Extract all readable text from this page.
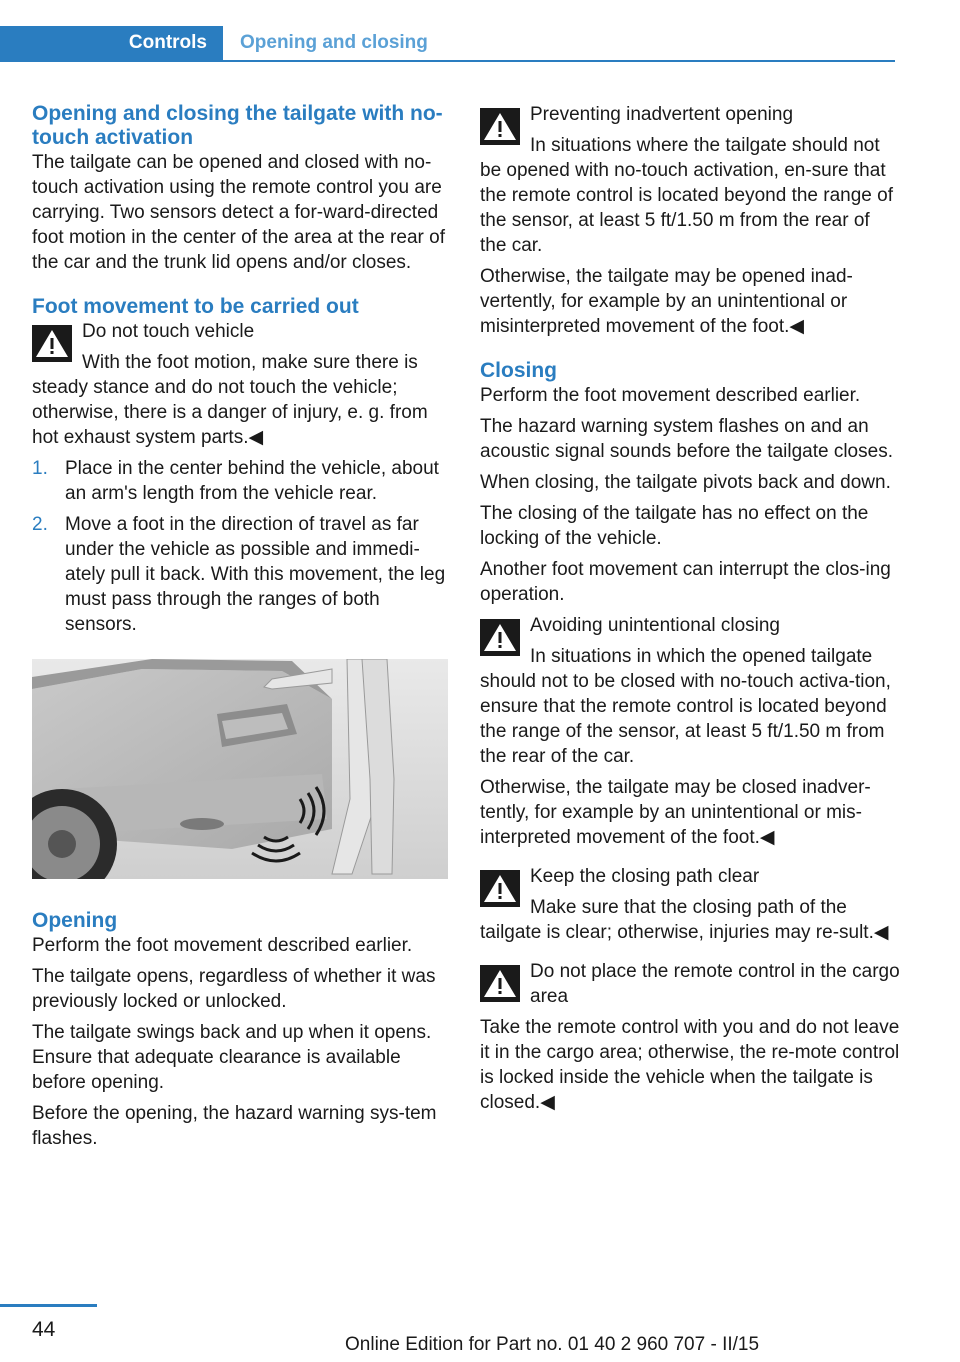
Controls	Opening and closing
Opening and closing the tailgate with no-touch activation

The tailgate can be opened and closed with no-touch activation using the remote control you are carrying. Two sensors detect a for‐ward-directed foot motion in the center of the area at the rear of the car and the trunk lid opens and/or closes.

Foot movement to be carried out

Do not touch vehicle

With the foot motion, make sure there is steady stance and do not touch the vehicle; otherwise, there is a danger of injury, e. g. from hot exhaust system parts.◀

1. Place in the center behind the vehicle, about an arm's length from the vehicle rear.
2. Move a foot in the direction of travel as far under the vehicle as possible and immedi‐ately pull it back. With this movement, the leg must pass through the ranges of both sensors.
Opening

Perform the foot movement described earlier.

The tailgate opens, regardless of whether it was previously locked or unlocked.

The tailgate swings back and up when it opens. Ensure that adequate clearance is available before opening.

Before the opening, the hazard warning sys‐tem flashes.

Preventing inadvertent opening

In situations where the tailgate should not be opened with no-touch activation, en‐sure that the remote control is located beyond the range of the sensor, at least 5 ft/1.50 m from the rear of the car.

Otherwise, the tailgate may be opened inad‐vertently, for example by an unintentional or misinterpreted movement of the foot.◀

Closing

Perform the foot movement described earlier.

The hazard warning system flashes on and an acoustic signal sounds before the tailgate closes.

When closing, the tailgate pivots back and down.

The closing of the tailgate has no effect on the locking of the vehicle.

Another foot movement can interrupt the clos‐ing operation.

Avoiding unintentional closing

In situations in which the opened tailgate should not to be closed with no-touch activa‐tion, ensure that the remote control is located beyond the range of the sensor, at least 5 ft/1.50 m from the rear of the car.

Otherwise, the tailgate may be closed inadver‐tently, for example by an unintentional or mis‐interpreted movement of the foot.◀

Keep the closing path clear

Make sure that the closing path of the tailgate is clear; otherwise, injuries may re‐sult.◀

Do not place the remote control in the cargo area

Take the remote control with you and do not leave it in the cargo area; otherwise, the re‐mote control is locked inside the vehicle when the tailgate is closed.◀

44
Online Edition for Part no. 01 40 2 960 707 - II/15
